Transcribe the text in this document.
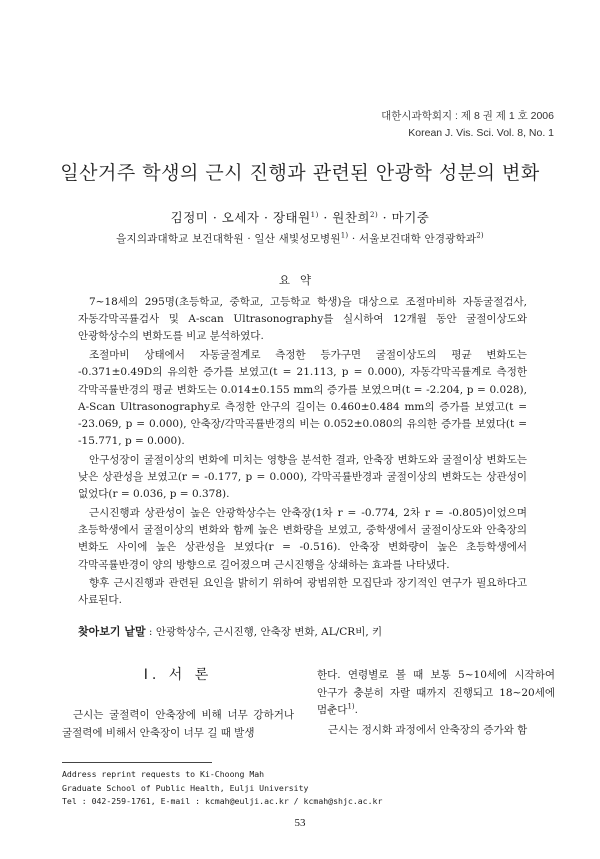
대한시과학회지 : 제 8 권 제 1 호 2006
Korean J. Vis. Sci. Vol. 8, No. 1
일산거주 학생의 근시 진행과 관련된 안광학 성분의 변화
김정미 · 오세자 · 장태원$^{1)}$ · 원찬희$^{2)}$ · 마기중
을지의과대학교 보건대학원 · 일산 새빛성모병원$^{1)}$ · 서울보건대학 안경광학과$^{2)}$
요약

7∼18세의 295명(초등학교, 중학교, 고등학교 학생)을 대상으로 조절마비하 자동굴절검사, 자동각막곡률검사 및 A-scan Ultrasonography를 실시하여 12개월 동안 굴절이상도와 안광학상수의 변화도를 비교 분석하였다.

조절마비 상태에서 자동굴절계로 측정한 등가구면 굴절이상도의 평균 변화도는 -0.371±0.49D의 유의한 증가를 보였고(t = 21.113, p = 0.000), 자동각막곡률계로 측정한 각막곡률반경의 평균 변화도는 0.014±0.155 mm의 증가를 보였으며(t = -2.204, p = 0.028), A-Scan Ultrasonography로 측정한 안구의 길이는 0.460±0.484 mm의 증가를 보였고(t = -23.069, p = 0.000), 안축장/각막곡률반경의 비는 0.052±0.080의 유의한 증가를 보였다(t = -15.771, p = 0.000).

안구성장이 굴절이상의 변화에 미치는 영향을 분석한 결과, 안축장 변화도와 굴절이상 변화도는 낮은 상관성을 보였고(r = -0.177, p = 0.000), 각막곡률반경과 굴절이상의 변화도는 상관성이 없었다(r = 0.036, p = 0.378).

근시진행과 상관성이 높은 안광학상수는 안축장(1차 r = -0.774, 2차 r = -0.805)이었으며 초등학생에서 굴절이상의 변화와 함께 높은 변화량을 보였고, 중학생에서 굴절이상도와 안축장의 변화도 사이에 높은 상관성을 보였다(r = -0.516). 안축장 변화량이 높은 초등학생에서 각막곡률반경이 양의 방향으로 길어졌으며 근시진행을 상쇄하는 효과를 나타냈다.

향후 근시진행과 관련된 요인을 밝히기 위하여 광범위한 모집단과 장기적인 연구가 필요하다고 사료된다.

찾아보기 낱말 : 안광학상수, 근시진행, 안축장 변화, AL/CR비, 키
I. 서 론

근시는 굴절력이 안축장에 비해 너무 강하거나 굴절력에 비해서 안축장이 너무 길 때 발생

한다. 연령별로 볼 때 보통 5∼10세에 시작하여 안구가 충분히 자랄 때까지 진행되고 18∼20세에 멈춘다$^{1)}$.

근시는 정시화 과정에서 안축장의 증가와 함

Address reprint requests to Ki-Choong Mah
Graduate School of Public Health, Eulji University
Tel : 042-259-1761, E-mail : kcmah@eulji.ac.kr / kcmah@shjc.ac.kr
53
